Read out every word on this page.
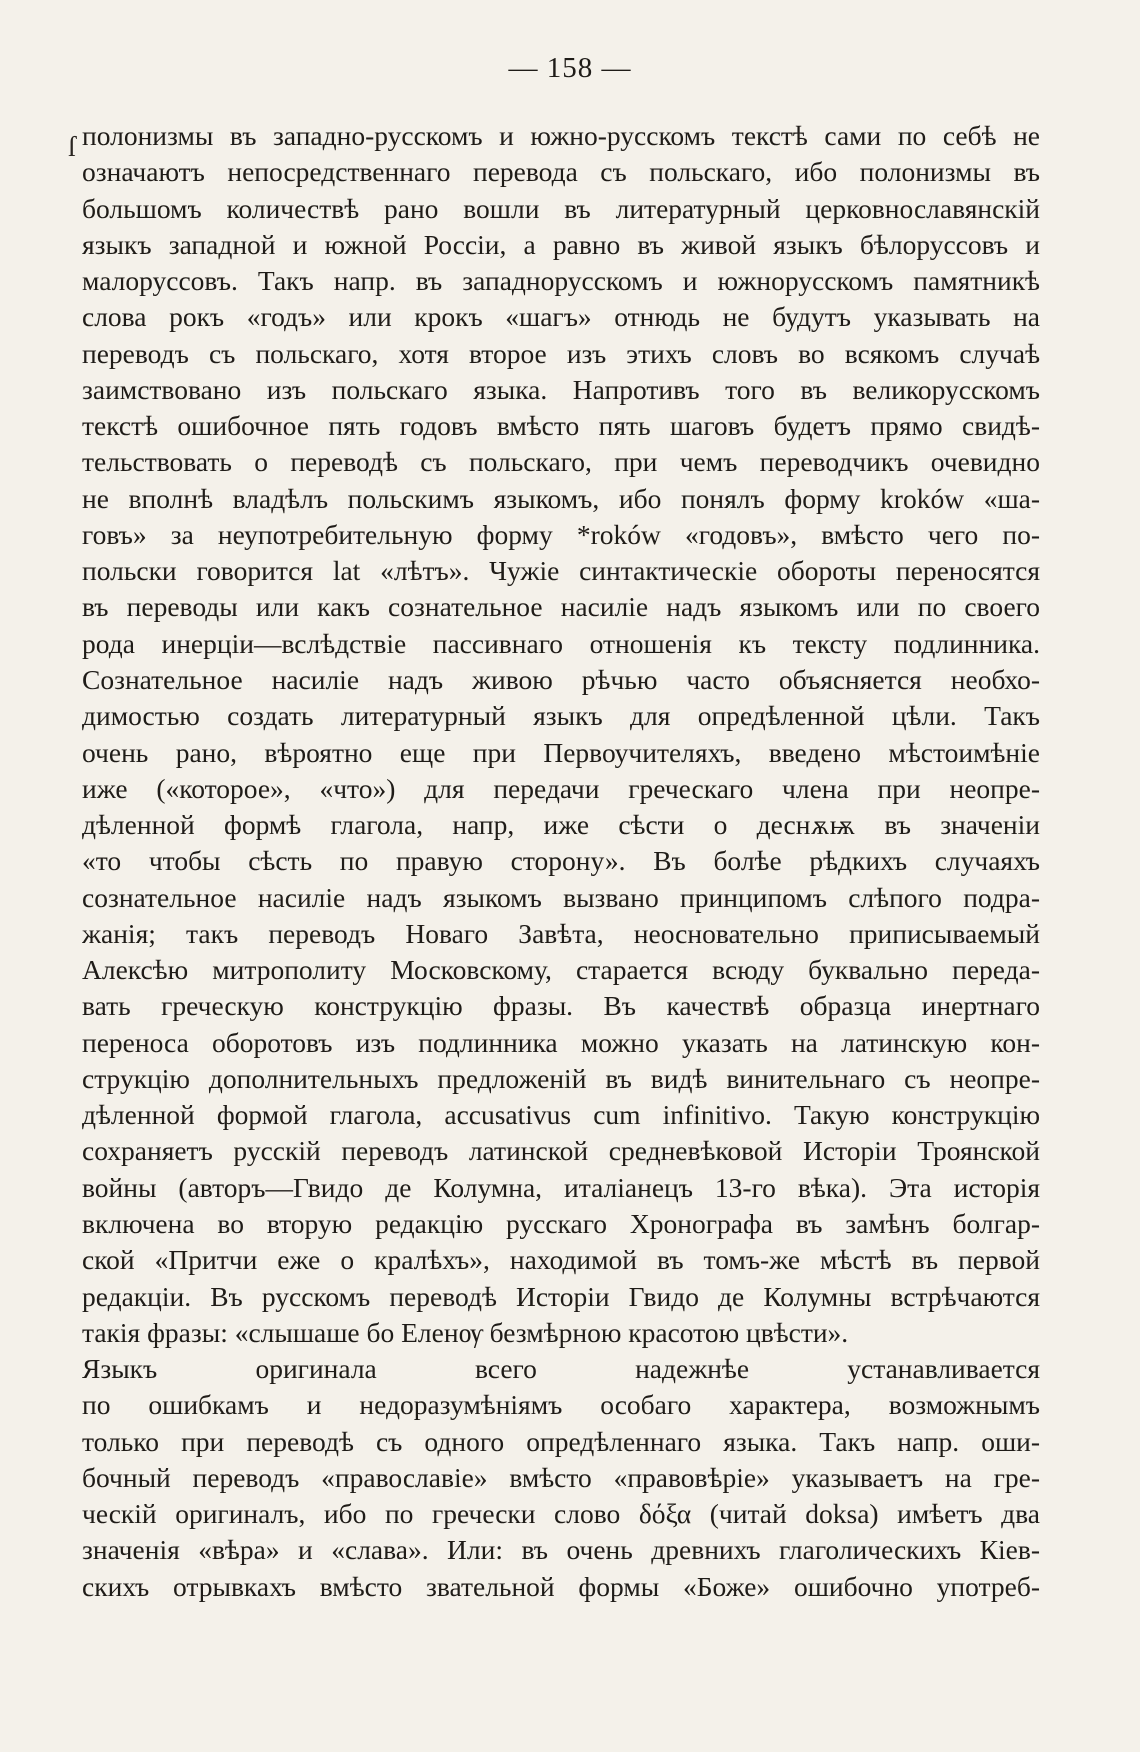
— 158 —
ſ полонизмы въ западно-русскомъ и южно-русскомъ текстѣ сами по себѣ не
означаютъ непосредственнаго перевода съ польскаго, ибо полонизмы въ
большомъ количествѣ рано вошли въ литературный церковнославянскій
языкъ западной и южной Россіи, а равно въ живой языкъ бѣлоруссовъ и
малоруссовъ. Такъ напр. въ западнорусскомъ и южнорусскомъ памятникѣ
слова рокъ «годъ» или крокъ «шагъ» отнюдь не будутъ указывать на
переводъ съ польскаго, хотя второе изъ этихъ словъ во всякомъ случаѣ
заимствовано изъ польскаго языка. Напротивъ того въ великорусскомъ
текстѣ ошибочное пять годовъ вмѣсто пять шаговъ будетъ прямо свидѣ-
тельствовать о переводѣ съ польскаго, при чемъ переводчикъ очевидно
не вполнѣ владѣлъ польскимъ языкомъ, ибо понялъ форму kroków «ша-
говъ» за неупотребительную форму *roków «годовъ», вмѣсто чего по-
польски говорится lat «лѣтъ». Чужіе синтактическіе обороты переносятся
въ переводы или какъ сознательное насиліе надъ языкомъ или по своего
рода инерціи—вслѣдствіе пассивнаго отношенія къ тексту подлинника.
Сознательное насиліе надъ живою рѣчью часто объясняется необхо-
димостью создать литературный языкъ для опредѣленной цѣли. Такъ
очень рано, вѣроятно еще при Первоучителяхъ, введено мѣстоимѣніе
иже («которое», «что») для передачи греческаго члена при неопре-
дѣленной формѣ глагола, напр, иже сѣсти о деснѫѭ въ значеніи
«то чтобы сѣсть по правую сторону». Въ болѣе рѣдкихъ случаяхъ
сознательное насиліе надъ языкомъ вызвано принципомъ слѣпого подра-
жанія; такъ переводъ Новаго Завѣта, неосновательно приписываемый
Алексѣю митрополиту Московскому, старается всюду буквально переда-
вать греческую конструкцію фразы. Въ качествѣ образца инертнаго
переноса оборотовъ изъ подлинника можно указать на латинскую кон-
струкцію дополнительныхъ предложеній въ видѣ винительнаго съ неопре-
дѣленной формой глагола, accusativus cum infinitivo. Такую конструкцію
сохраняетъ русскій переводъ латинской средневѣковой Исторіи Троянской
войны (авторъ—Гвидо де Колумна, италіанецъ 13-го вѣка). Эта исторія
включена во вторую редакцію русскаго Хронографа въ замѣнъ болгар-
ской «Притчи еже о кралѣхъ», находимой въ томъ-же мѣстѣ въ первой
редакціи. Въ русскомъ переводѣ Исторіи Гвидо де Колумны встрѣчаются
такія фразы: «слышаше бо Еленѹ безмѣрною красотою цвѣсти».
Языкъ оригинала всего надежнѣе устанавливается
по ошибкамъ и недоразумѣніямъ особаго характера, возможнымъ
только при переводѣ съ одного опредѣленнаго языка. Такъ напр. оши-
бочный переводъ «православіе» вмѣсто «правовѣріе» указываетъ на гре-
ческій оригиналъ, ибо по гречески слово δόξα (читай doksa) имѣетъ два
значенія «вѣра» и «слава». Или: въ очень древнихъ глаголическихъ Кіев-
скихъ отрывкахъ вмѣсто звательной формы «Боже» ошибочно употреб-
